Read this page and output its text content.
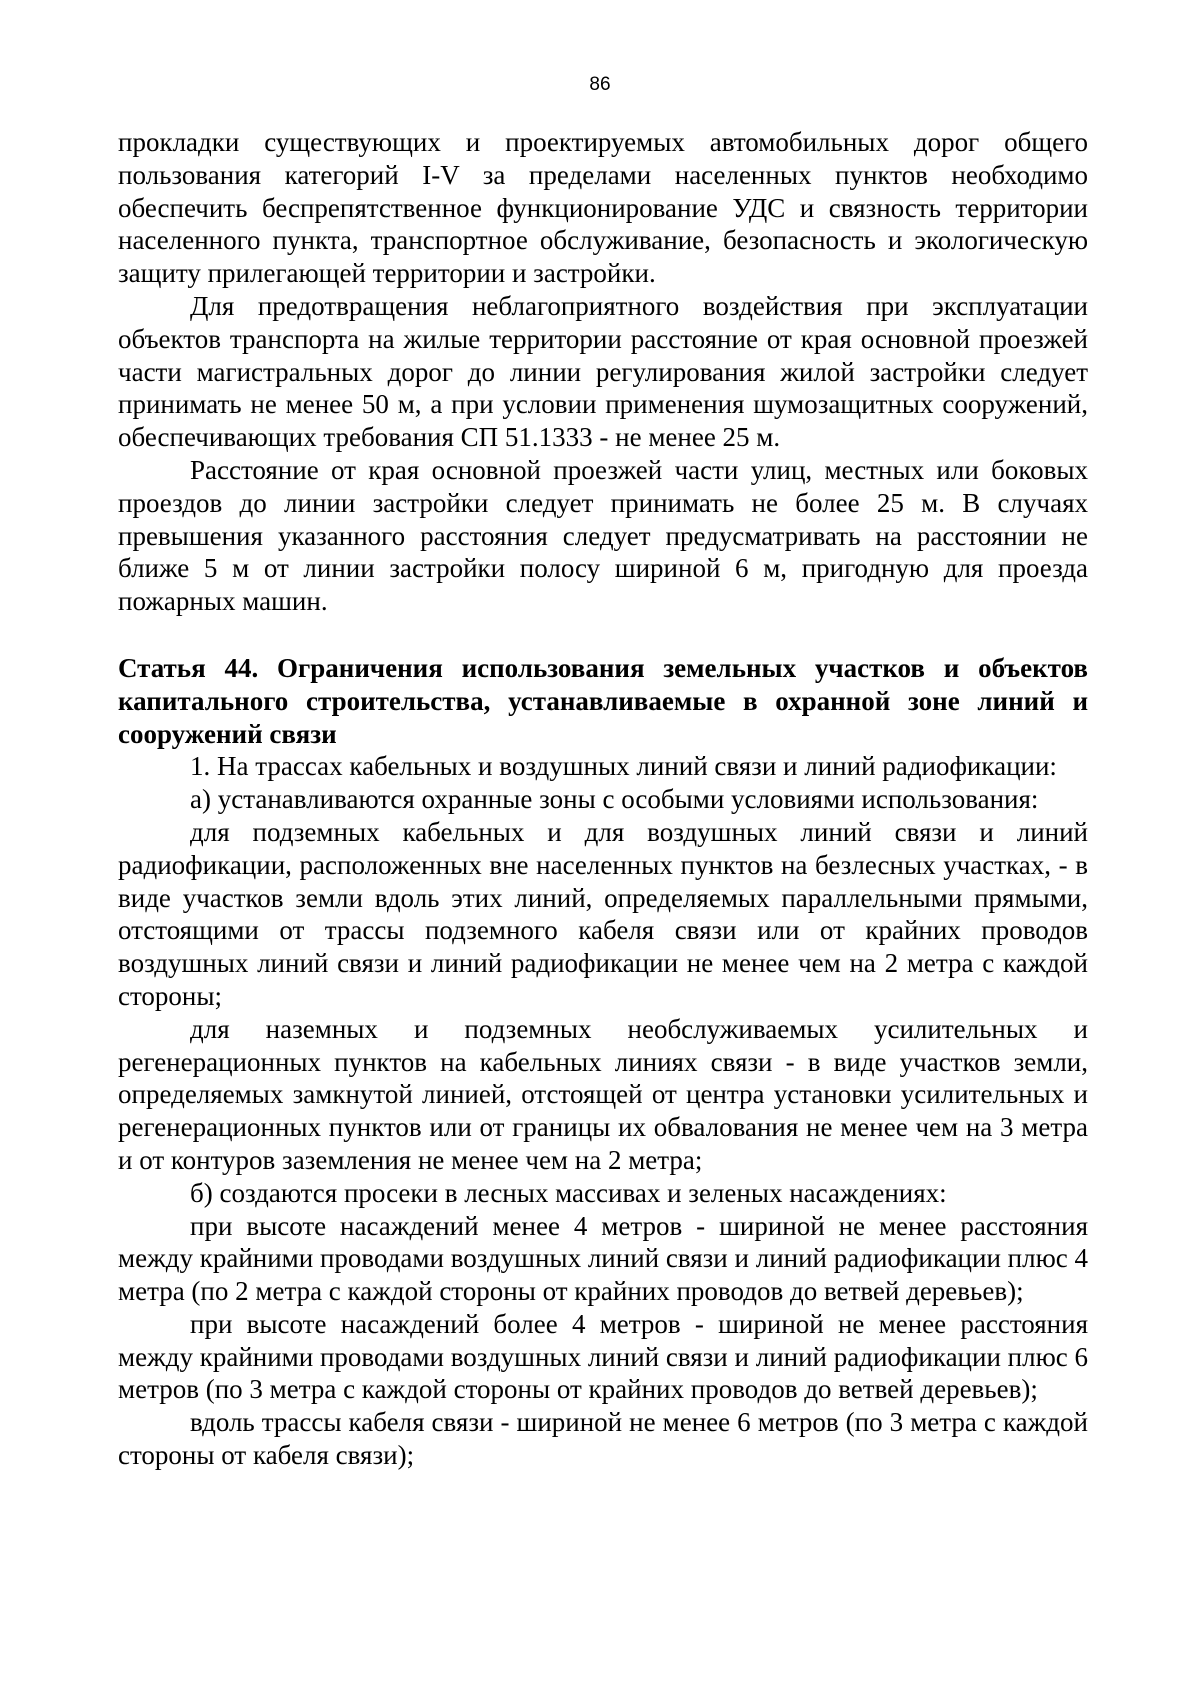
86

прокладки существующих и проектируемых автомобильных дорог общего пользования категорий I-V за пределами населенных пунктов необходимо обеспечить беспрепятственное функционирование УДС и связность территории населенного пункта, транспортное обслуживание, безопасность и экологическую защиту прилегающей территории и застройки.

Для предотвращения неблагоприятного воздействия при эксплуатации объектов транспорта на жилые территории расстояние от края основной проезжей части магистральных дорог до линии регулирования жилой застройки следует принимать не менее 50 м, а при условии применения шумозащитных сооружений, обеспечивающих требования СП 51.1333 - не менее 25 м.

Расстояние от края основной проезжей части улиц, местных или боковых проездов до линии застройки следует принимать не более 25 м. В случаях превышения указанного расстояния следует предусматривать на расстоянии не ближе 5 м от линии застройки полосу шириной 6 м, пригодную для проезда пожарных машин.

Статья 44. Ограничения использования земельных участков и объектов капитального строительства, устанавливаемые в охранной зоне линий и сооружений связи

1. На трассах кабельных и воздушных линий связи и линий радиофикации:

а) устанавливаются охранные зоны с особыми условиями использования:

для подземных кабельных и для воздушных линий связи и линий радиофикации, расположенных вне населенных пунктов на безлесных участках, - в виде участков земли вдоль этих линий, определяемых параллельными прямыми, отстоящими от трассы подземного кабеля связи или от крайних проводов воздушных линий связи и линий радиофикации не менее чем на 2 метра с каждой стороны;

для наземных и подземных необслуживаемых усилительных и регенерационных пунктов на кабельных линиях связи - в виде участков земли, определяемых замкнутой линией, отстоящей от центра установки усилительных и регенерационных пунктов или от границы их обвалования не менее чем на 3 метра и от контуров заземления не менее чем на 2 метра;

б) создаются просеки в лесных массивах и зеленых насаждениях:

при высоте насаждений менее 4 метров - шириной не менее расстояния между крайними проводами воздушных линий связи и линий радиофикации плюс 4 метра (по 2 метра с каждой стороны от крайних проводов до ветвей деревьев);

при высоте насаждений более 4 метров - шириной не менее расстояния между крайними проводами воздушных линий связи и линий радиофикации плюс 6 метров (по 3 метра с каждой стороны от крайних проводов до ветвей деревьев);

вдоль трассы кабеля связи - шириной не менее 6 метров (по 3 метра с каждой стороны от кабеля связи);
